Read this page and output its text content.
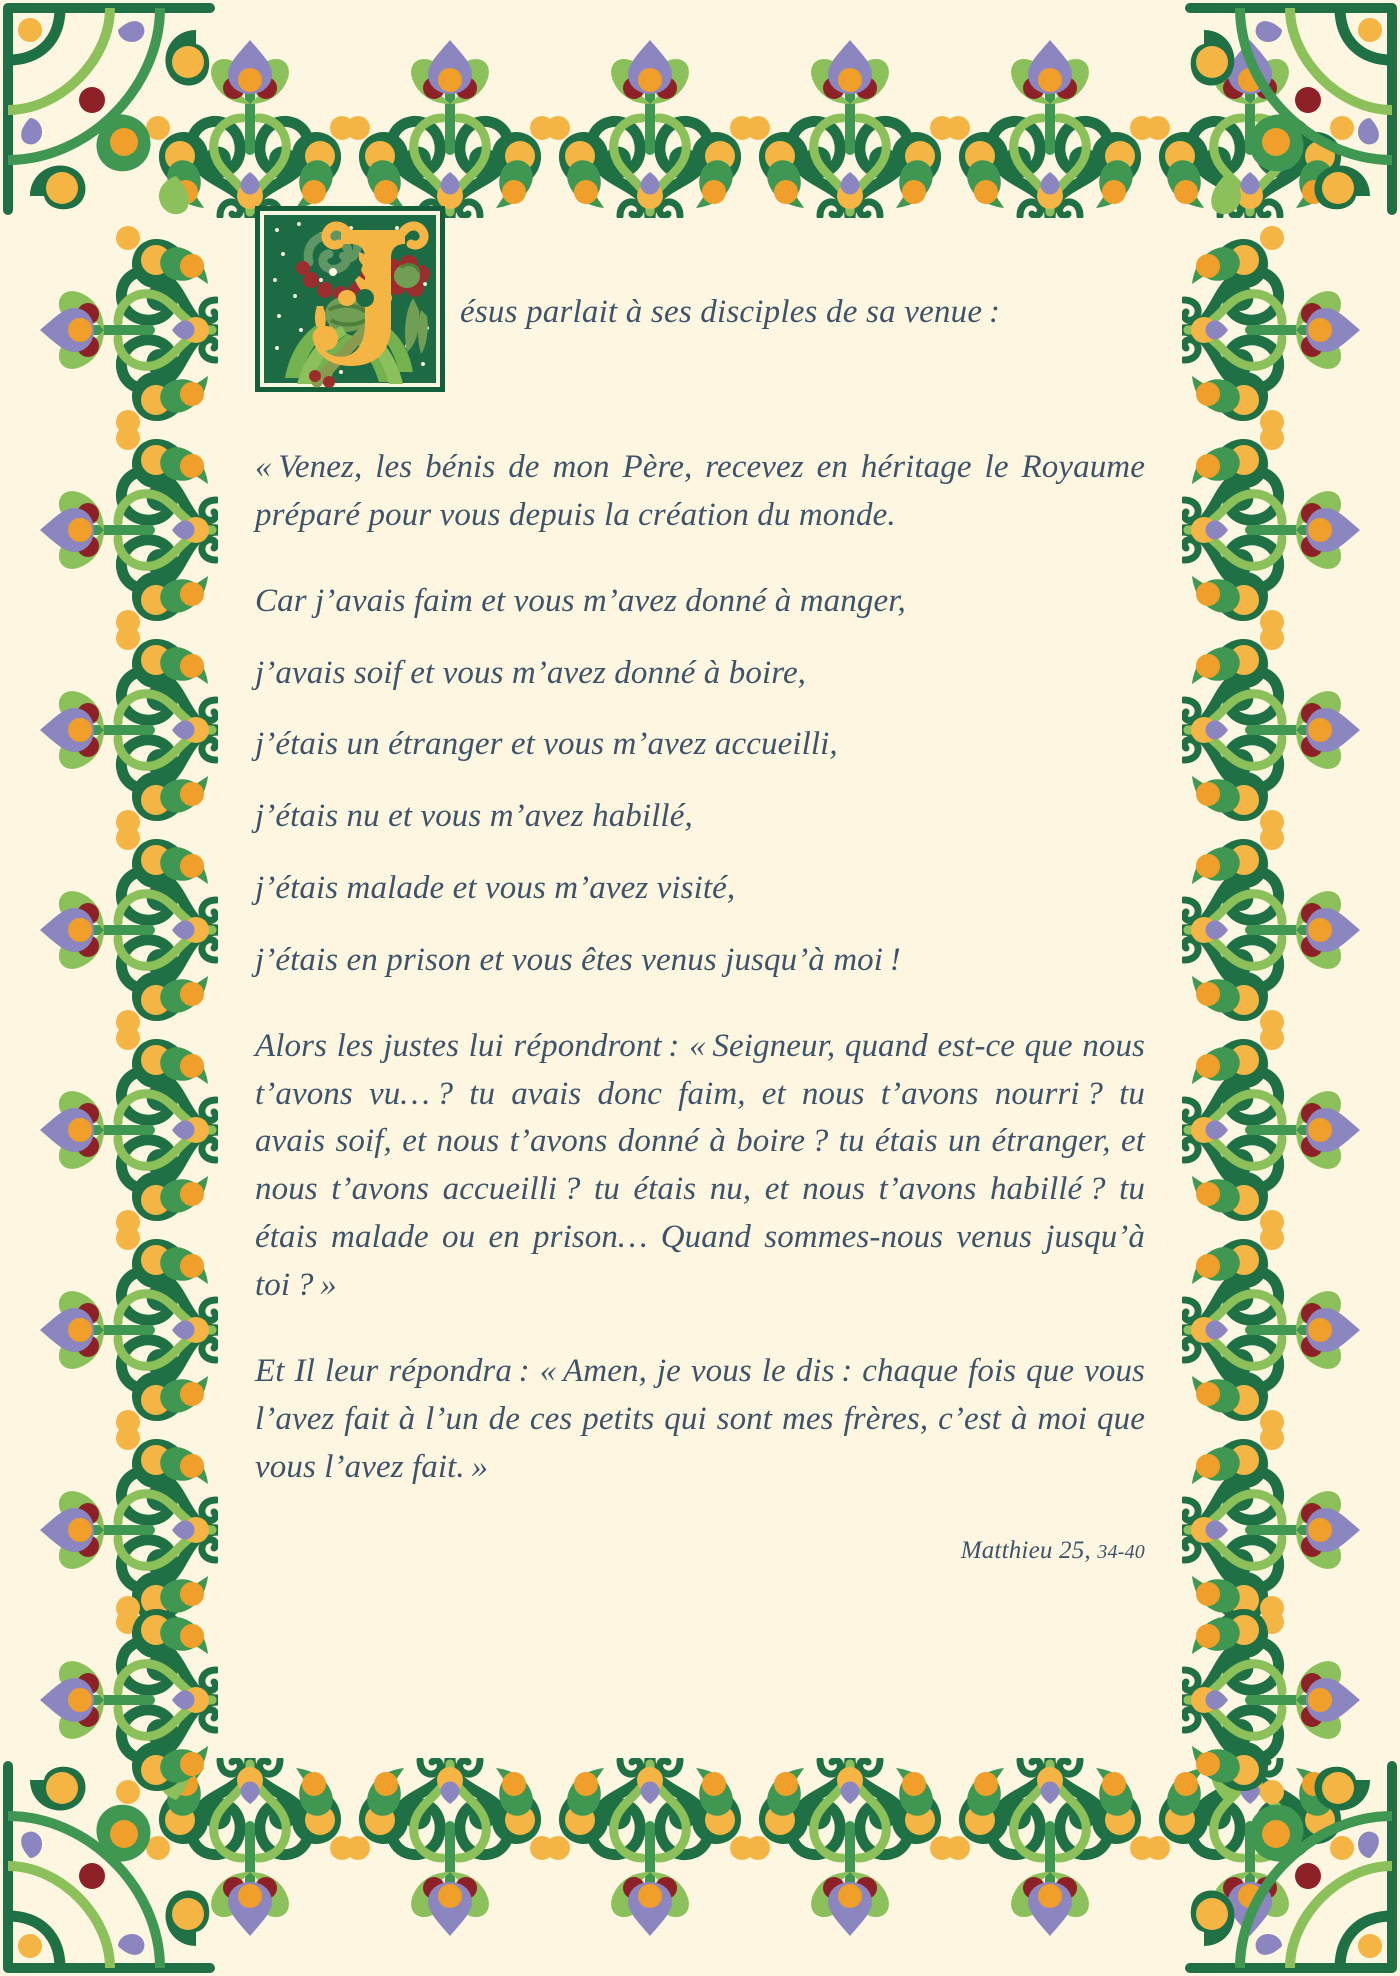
ésus parlait à ses disciples de sa venue :

« Venez, les bénis de mon Père, recevez en héritage le Royaume préparé pour vous depuis la création du monde.

Car j’avais faim et vous m’avez donné à manger,
j’avais soif et vous m’avez donné à boire,
j’étais un étranger et vous m’avez accueilli,
j’étais nu et vous m’avez habillé,
j’étais malade et vous m’avez visité,
j’étais en prison et vous êtes venus jusqu’à moi !

Alors les justes lui répondront : « Seigneur, quand est-ce que nous t’avons vu… ? tu avais donc faim, et nous t’avons nourri ? tu avais soif, et nous t’avons donné à boire ? tu étais un étranger, et nous t’avons accueilli ? tu étais nu, et nous t’avons habillé ? tu étais malade ou en prison… Quand sommes-nous venus jusqu’à toi ? »

Et Il leur répondra : « Amen, je vous le dis : chaque fois que vous l’avez fait à l’un de ces petits qui sont mes frères, c’est à moi que vous l’avez fait. »

Matthieu 25, 34-40
